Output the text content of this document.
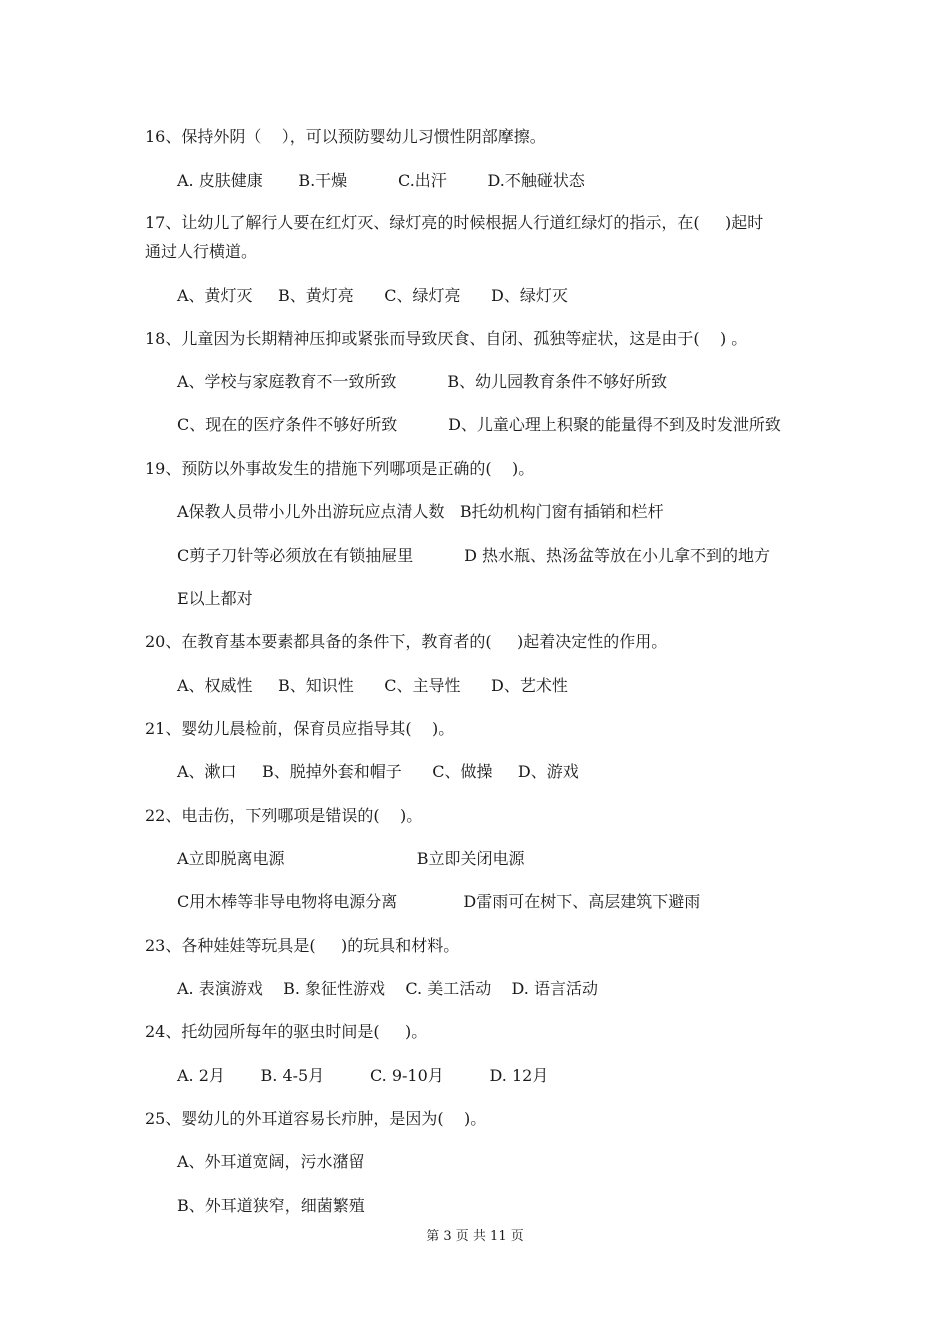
16、保持外阴（    ），可以预防婴幼儿习惯性阴部摩擦。
A. 皮肤健康       B.干燥          C.出汗        D.不触碰状态
17、让幼儿了解行人要在红灯灭、绿灯亮的时候根据人行道红绿灯的指示，在(     )起时
通过人行横道。
A、黄灯灭     B、黄灯亮      C、绿灯亮      D、绿灯灭
18、儿童因为长期精神压抑或紧张而导致厌食、自闭、孤独等症状，这是由于(    ) 。
A、学校与家庭教育不一致所致          B、幼儿园教育条件不够好所致
C、现在的医疗条件不够好所致          D、儿童心理上积聚的能量得不到及时发泄所致
19、预防以外事故发生的措施下列哪项是正确的(    )。
A保教人员带小儿外出游玩应点清人数   B托幼机构门窗有插销和栏杆
C剪子刀针等必须放在有锁抽屉里          D 热水瓶、热汤盆等放在小儿拿不到的地方
E以上都对
20、在教育基本要素都具备的条件下，教育者的(     )起着决定性的作用。
A、权威性     B、知识性      C、主导性      D、艺术性
21、婴幼儿晨检前，保育员应指导其(    )。
A、漱口     B、脱掉外套和帽子      C、做操     D、游戏
22、电击伤，下列哪项是错误的(    )。
A立即脱离电源                          B立即关闭电源
C用木棒等非导电物将电源分离             D雷雨可在树下、高层建筑下避雨
23、各种娃娃等玩具是(     )的玩具和材料。
A. 表演游戏    B. 象征性游戏    C. 美工活动    D. 语言活动
24、托幼园所每年的驱虫时间是(     )。
A. 2月       B. 4-5月         C. 9-10月         D. 12月
25、婴幼儿的外耳道容易长疖肿，是因为(    )。
A、外耳道宽阔，污水潴留
B、外耳道狭窄，细菌繁殖
第 3 页 共 11 页
